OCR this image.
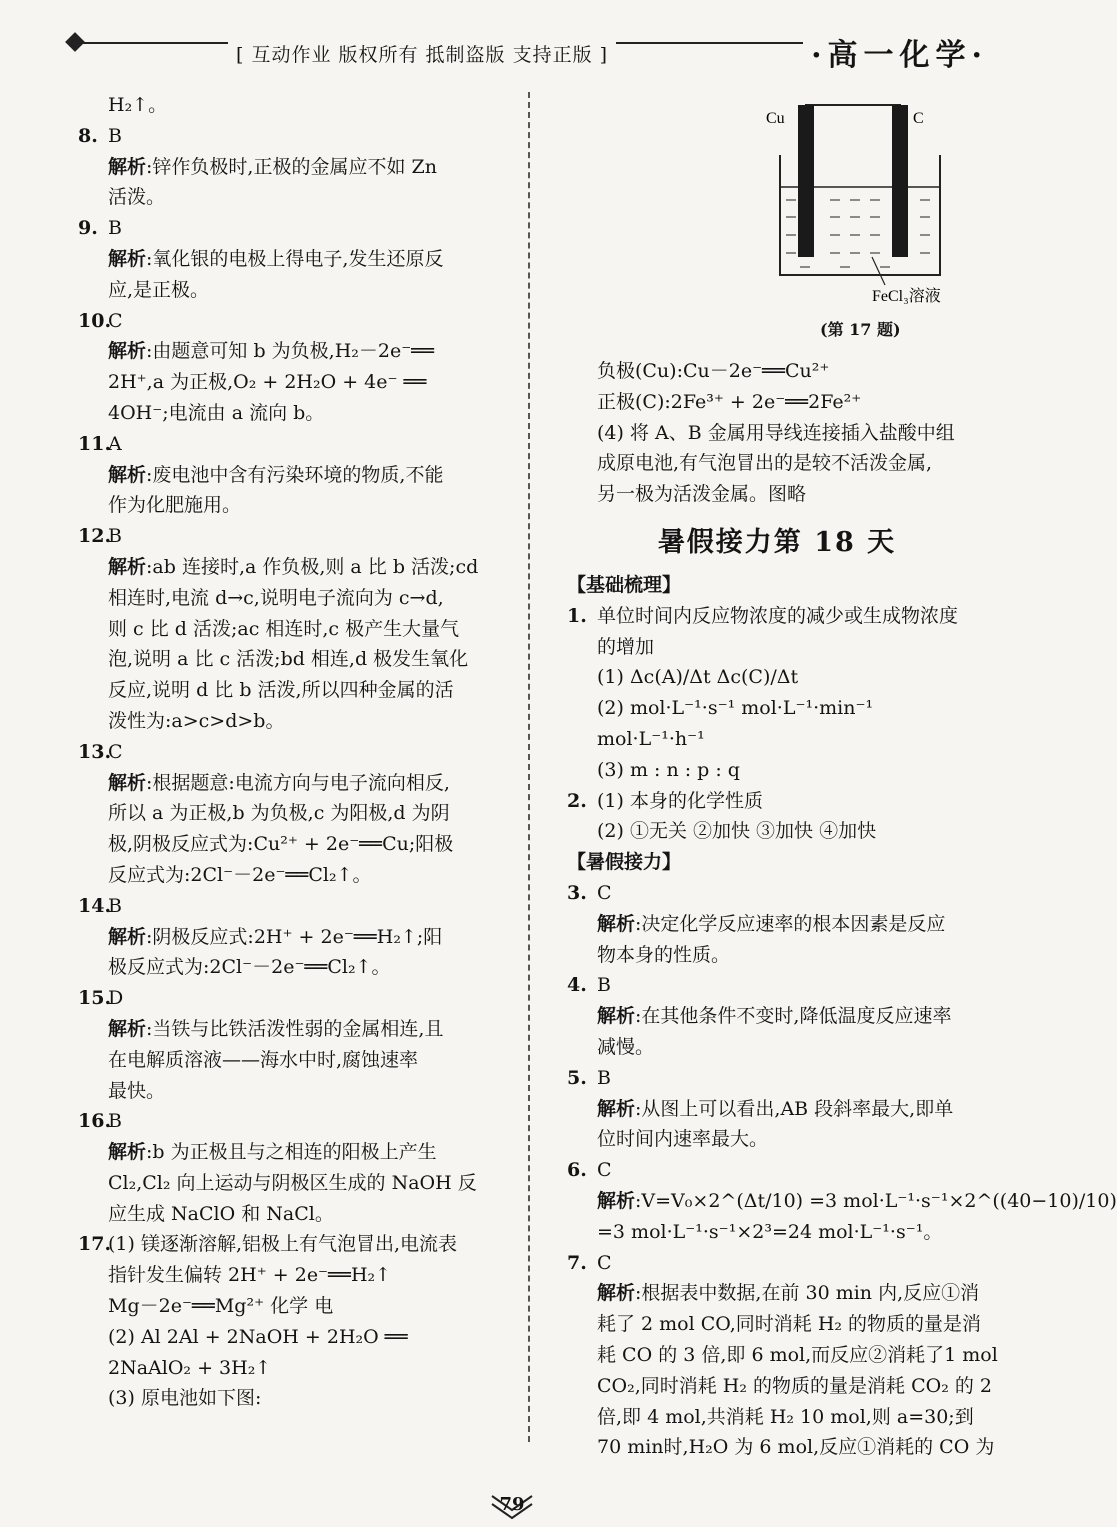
[ 互动作业 版权所有 抵制盗版 支持正版 ]	·高一化学·
H₂↑。
8. B
解析:锌作负极时,正极的金属应不如 Zn
活泼。
9. B
解析:氧化银的电极上得电子,发生还原反
应,是正极。
10.C
解析:由题意可知 b 为负极,H₂－2e⁻══
2H⁺,a 为正极,O₂ + 2H₂O + 4e⁻ ══
4OH⁻;电流由 a 流向 b。
11.A
解析:废电池中含有污染环境的物质,不能
作为化肥施用。
12.B
解析:ab 连接时,a 作负极,则 a 比 b 活泼;cd
相连时,电流 d→c,说明电子流向为 c→d,
则 c 比 d 活泼;ac 相连时,c 极产生大量气
泡,说明 a 比 c 活泼;bd 相连,d 极发生氧化
反应,说明 d 比 b 活泼,所以四种金属的活
泼性为:a>c>d>b。
13.C
解析:根据题意:电流方向与电子流向相反,
所以 a 为正极,b 为负极,c 为阳极,d 为阴
极,阴极反应式为:Cu²⁺ + 2e⁻══Cu;阳极
反应式为:2Cl⁻－2e⁻══Cl₂↑。
14.B
解析:阴极反应式:2H⁺ + 2e⁻══H₂↑;阳
极反应式为:2Cl⁻－2e⁻══Cl₂↑。
15.D
解析:当铁与比铁活泼性弱的金属相连,且
在电解质溶液——海水中时,腐蚀速率
最快。
16.B
解析:b 为正极且与之相连的阳极上产生
Cl₂,Cl₂ 向上运动与阴极区生成的 NaOH 反
应生成 NaClO 和 NaCl。
17.(1) 镁逐渐溶解,铝极上有气泡冒出,电流表
指针发生偏转 2H⁺ + 2e⁻══H₂↑
Mg－2e⁻══Mg²⁺ 化学 电
(2) Al 2Al + 2NaOH + 2H₂O ══
2NaAlO₂ + 3H₂↑
(3) 原电池如下图:
Cu	C
FeCl₃溶液
(第 17 题)
负极(Cu):Cu－2e⁻══Cu²⁺
正极(C):2Fe³⁺ + 2e⁻══2Fe²⁺
(4) 将 A、B 金属用导线连接插入盐酸中组
成原电池,有气泡冒出的是较不活泼金属,
另一极为活泼金属。图略
暑假接力第 18 天
【基础梳理】
1. 单位时间内反应物浓度的减少或生成物浓度
的增加
(1) Δc(A)/Δt Δc(C)/Δt
(2) mol·L⁻¹·s⁻¹ mol·L⁻¹·min⁻¹
mol·L⁻¹·h⁻¹
(3) m : n : p : q
2. (1) 本身的化学性质
(2) ①无关 ②加快 ③加快 ④加快
【暑假接力】
3. C
解析:决定化学反应速率的根本因素是反应
物本身的性质。
4. B
解析:在其他条件不变时,降低温度反应速率
减慢。
5. B
解析:从图上可以看出,AB 段斜率最大,即单
位时间内速率最大。
6. C
解析:V=V₀×2^(Δt/10) =3 mol·L⁻¹·s⁻¹×2^((40−10)/10)
=3 mol·L⁻¹·s⁻¹×2³=24 mol·L⁻¹·s⁻¹。
7. C
解析:根据表中数据,在前 30 min 内,反应①消
耗了 2 mol CO,同时消耗 H₂ 的物质的量是消
耗 CO 的 3 倍,即 6 mol,而反应②消耗了1 mol
CO₂,同时消耗 H₂ 的物质的量是消耗 CO₂ 的 2
倍,即 4 mol,共消耗 H₂ 10 mol,则 a=30;到
70 min时,H₂O 为 6 mol,反应①消耗的 CO 为
79
